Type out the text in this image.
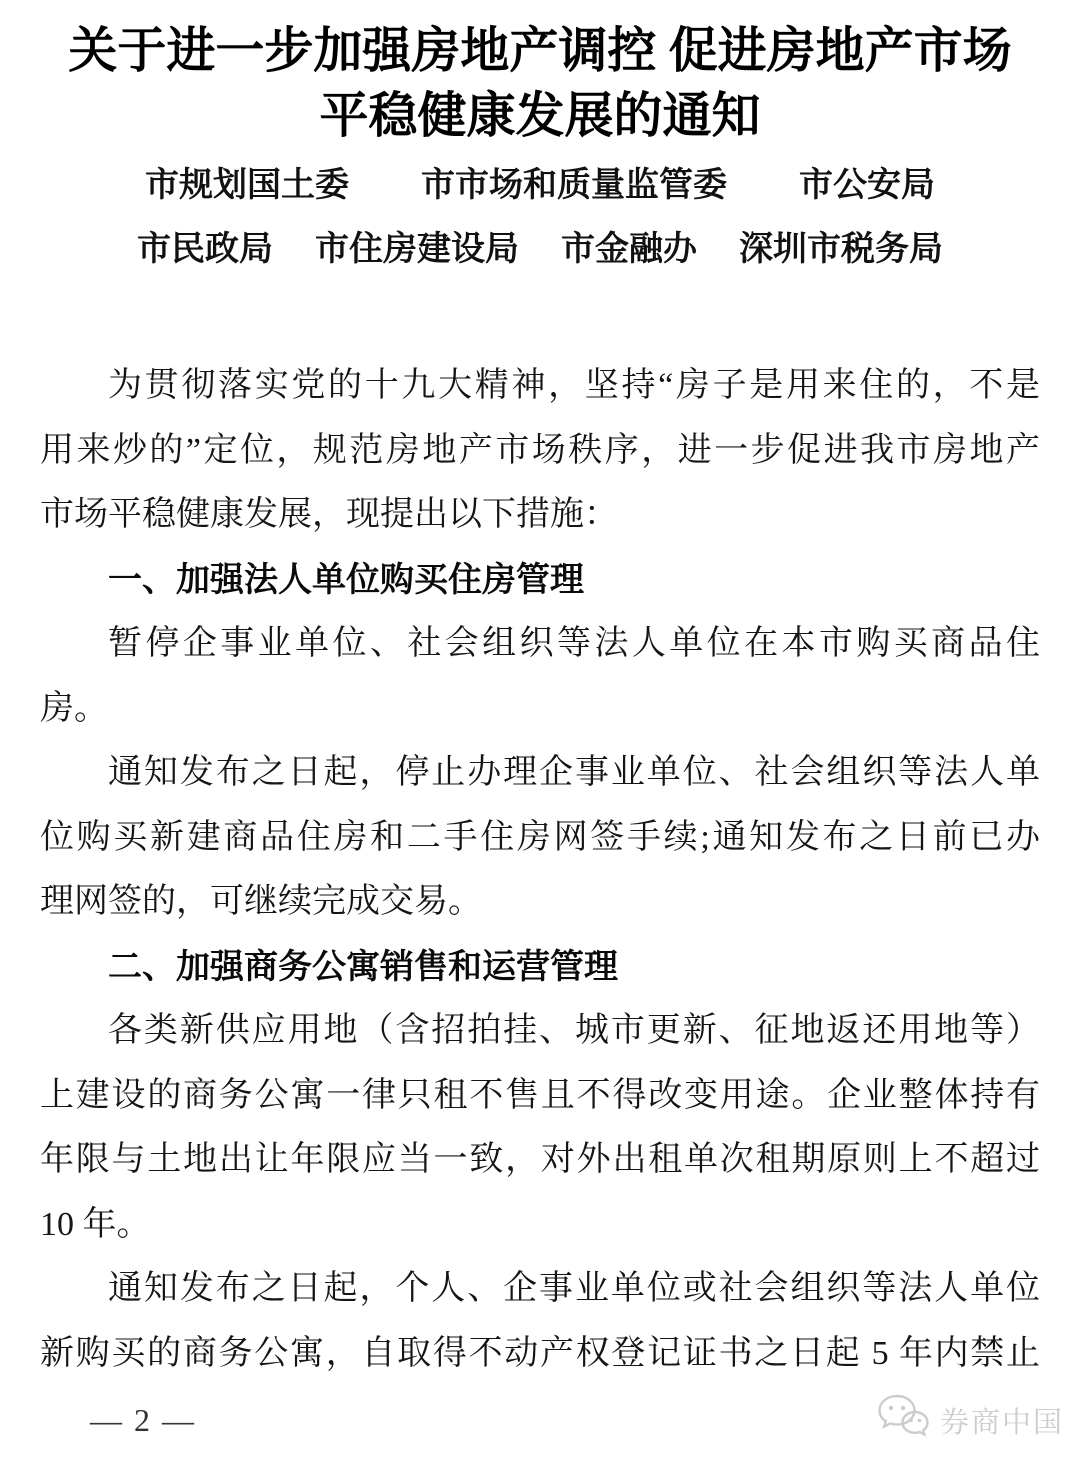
关于进一步加强房地产调控 促进房地产市场
平稳健康发展的通知
市规划国土委 市市场和质量监管委 市公安局
市民政局 市住房建设局 市金融办 深圳市税务局
为贯彻落实党的十九大精神，坚持“房子是用来住的，不是
用来炒的”定位，规范房地产市场秩序，进一步促进我市房地产
市场平稳健康发展，现提出以下措施：
一、加强法人单位购买住房管理
暂停企事业单位、社会组织等法人单位在本市购买商品住
房。
通知发布之日起，停止办理企事业单位、社会组织等法人单
位购买新建商品住房和二手住房网签手续;通知发布之日前已办
理网签的，可继续完成交易。
二、加强商务公寓销售和运营管理
各类新供应用地（含招拍挂、城市更新、征地返还用地等）
上建设的商务公寓一律只租不售且不得改变用途。企业整体持有
年限与土地出让年限应当一致，对外出租单次租期原则上不超过
10 年。
通知发布之日起，个人、企事业单位或社会组织等法人单位
新购买的商务公寓，自取得不动产权登记证书之日起 5 年内禁止
— 2 —	券商中国
